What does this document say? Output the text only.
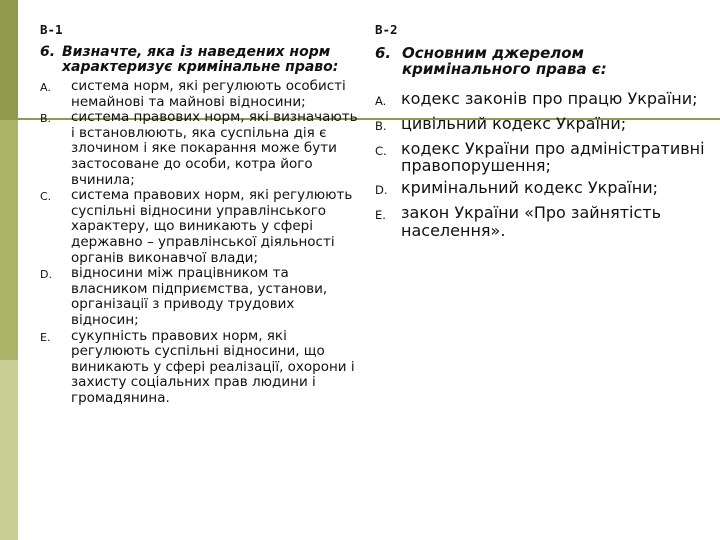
В-1
6. Визначте, яка із наведених норм характеризує кримінальне право:
A.	система норм, які регулюють особисті немайнові та майнові відносини;
B.	система правових норм, які визначають і встановлюють, яка суспільна дія є злочином і яке покарання може бути застосоване до особи, котра його вчинила;
C.	система правових норм, які регулюють суспільні відносини управлінського характеру, що виникають у сфері державно – управлінської діяльності органів виконавчої влади;
D.	відносини між працівником та власником підприємства, установи, організації з приводу трудових відносин;
E.	сукупність правових норм, які регулюють суспільні відносини, що виникають у сфері реалізації, охорони і захисту соціальних прав людини і громадянина.
В-2
6. Основним джерелом кримінального права є:
A. кодекс законів про працю України;
B. цивільний кодекс України;
C. кодекс України про адміністративні правопорушення;
D. кримінальний кодекс України;
E. закон України «Про зайнятість населення».
